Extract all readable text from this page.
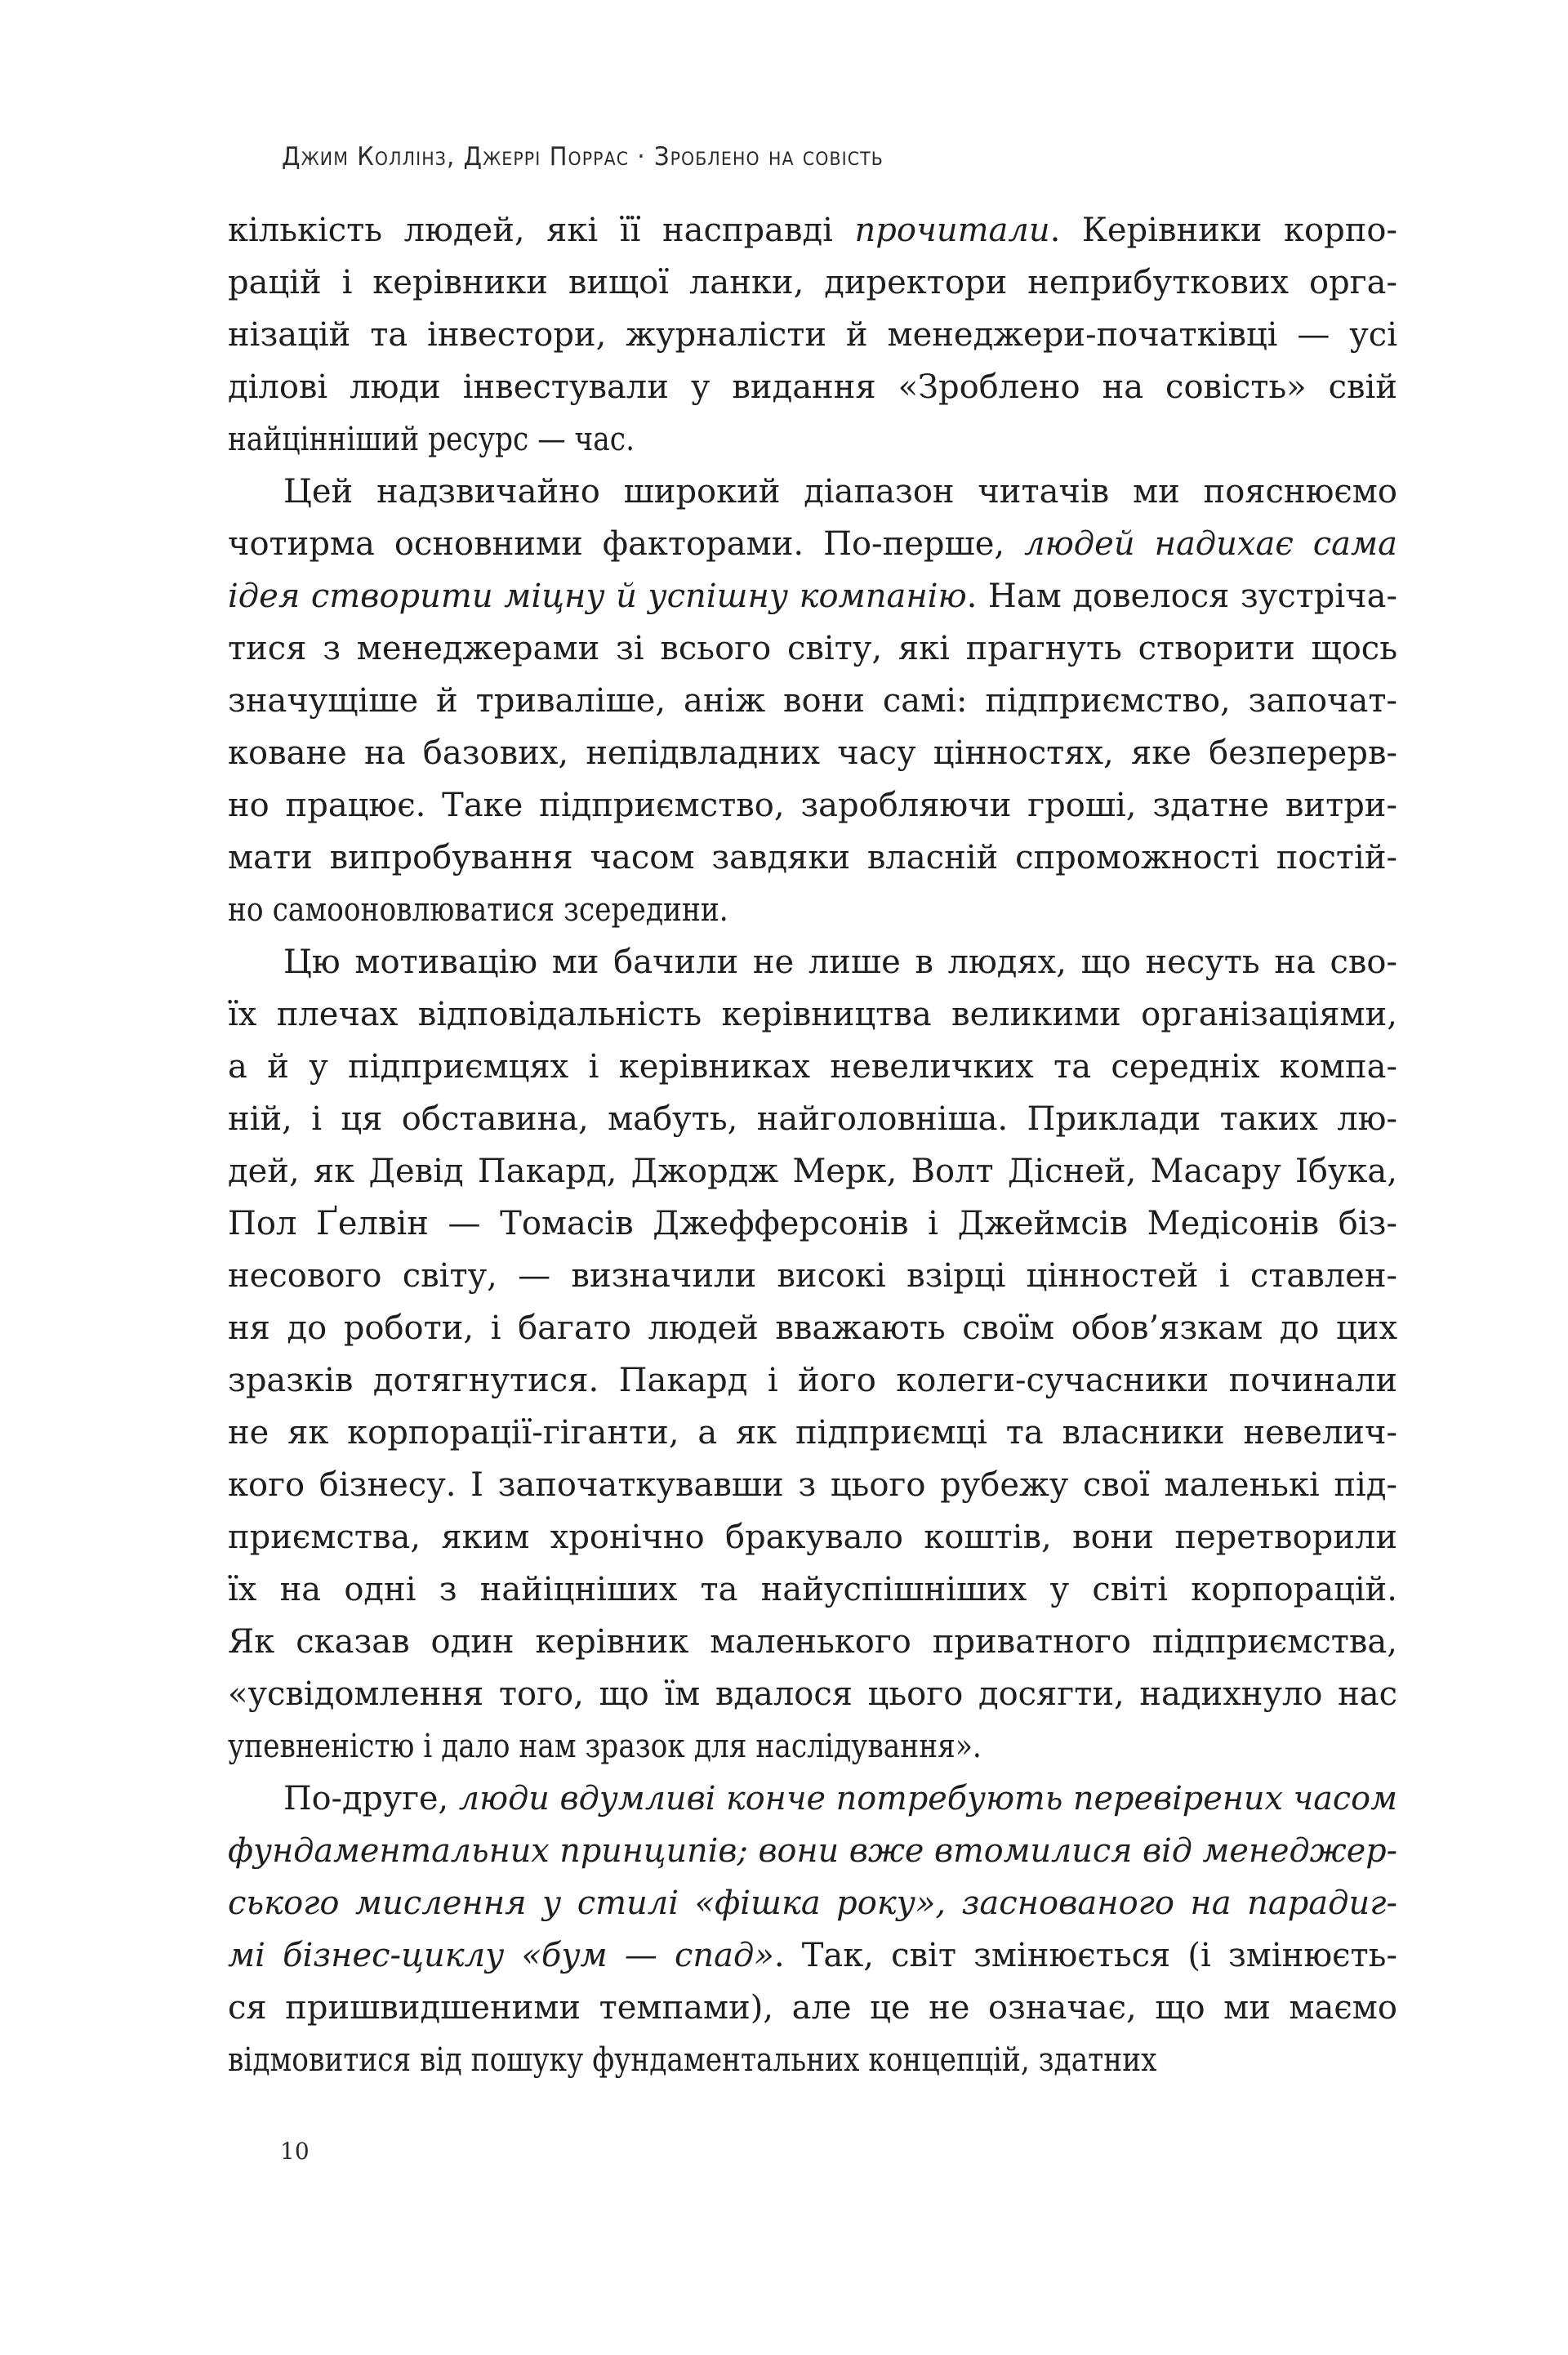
Джим Коллінз, Джеррі Поррас · Зроблено на совість
кількість людей, які її насправді прочитали. Керівники корпо-
рацій і керівники вищої ланки, директори неприбуткових орга-
нізацій та інвестори, журналісти й менеджери-початківці — усі
ділові люди інвестували у видання «Зроблено на совість» свій
найцінніший ресурс — час.
Цей надзвичайно широкий діапазон читачів ми пояснюємо
чотирма основними факторами. По-перше, людей надихає сама
ідея створити міцну й успішну компанію. Нам довелося зустріча-
тися з менеджерами зі всього світу, які прагнуть створити щось
значущіше й триваліше, аніж вони самі: підприємство, започат-
коване на базових, непідвладних часу цінностях, яке безперерв-
но працює. Таке підприємство, заробляючи гроші, здатне витри-
мати випробування часом завдяки власній спроможності постій-
но самооновлюватися зсередини.
Цю мотивацію ми бачили не лише в людях, що несуть на сво-
їх плечах відповідальність керівництва великими організаціями,
а й у підприємцях і керівниках невеличких та середніх компа-
ній, і ця обставина, мабуть, найголовніша. Приклади таких лю-
дей, як Девід Пакард, Джордж Мерк, Волт Дісней, Масару Ібука,
Пол Ґелвін — Томасів Джефферсонів і Джеймсів Медісонів біз-
несового світу, — визначили високі взірці цінностей і ставлен-
ня до роботи, і багато людей вважають своїм обов’язкам до цих
зразків дотягнутися. Пакард і його колеги-сучасники починали
не як корпорації-гіганти, а як підприємці та власники невелич-
кого бізнесу. І започаткувавши з цього рубежу свої маленькі під-
приємства, яким хронічно бракувало коштів, вони перетворили
їх на одні з найіцніших та найуспішніших у світі корпорацій.
Як сказав один керівник маленького приватного підприємства,
«усвідомлення того, що їм вдалося цього досягти, надихнуло нас
упевненістю і дало нам зразок для наслідування».
По-друге, люди вдумливі конче потребують перевірених часом
фундаментальних принципів; вони вже втомилися від менеджер-
ського мислення у стилі «фішка року», заснованого на парадиг-
мі бізнес-циклу «бум — спад». Так, світ змінюється (і змінюєть-
ся пришвидшеними темпами), але це не означає, що ми маємо
відмовитися від пошуку фундаментальних концепцій, здатних
10
